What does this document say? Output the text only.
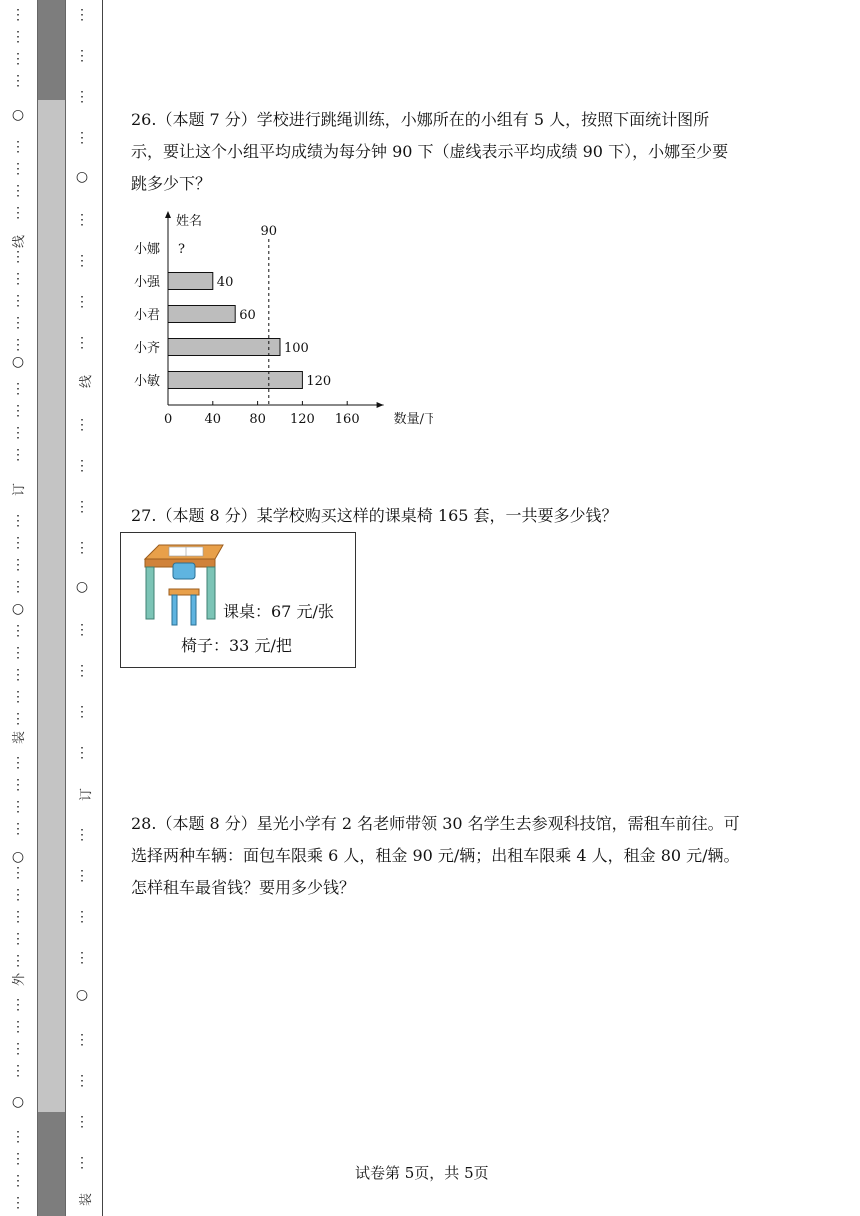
⋮
⋮
⋮
⋮
⋮
⋮
⋮
⋮
⋮
⋮
⋮
⋮
⋮
⋮
⋮
⋮
⋮
⋮
⋮
⋮
⋮
⋮
⋮
⋮
⋮
⋮
⋮
⋮
⋮
⋮
⋮
⋮
⋮
⋮
⋮
⋮
⋮
⋮
⋮
⋮
⋮
⋮
⋮
○
○
○
○
○
线
订
装
外
⋮
⋮
⋮
⋮
⋮
⋮
⋮
⋮
⋮
⋮
⋮
⋮
⋮
⋮
⋮
⋮
⋮
⋮
⋮
⋮
⋮
⋮
⋮
⋮
○
○
○
线
订
装
26.（本题 7 分）学校进行跳绳训练，小娜所在的小组有 5 人，按照下面统计图所示，要让这个小组平均成绩为每分钟 90 下（虚线表示平均成绩 90 下），小娜至少要跳多少下？
姓名
数量/下
0 40 80 120 160
小娜 ?
小强	40
小君	60
小齐	100
小敏	120
90
27.（本题 8 分）某学校购买这样的课桌椅 165 套，一共要多少钱？
课桌：67 元/张
椅子：33 元/把
28.（本题 8 分）星光小学有 2 名老师带领 30 名学生去参观科技馆，需租车前往。可选择两种车辆：面包车限乘 6 人，租金 90 元/辆；出租车限乘 4 人，租金 80 元/辆。怎样租车最省钱？要用多少钱？
试卷第 5页，共 5页
